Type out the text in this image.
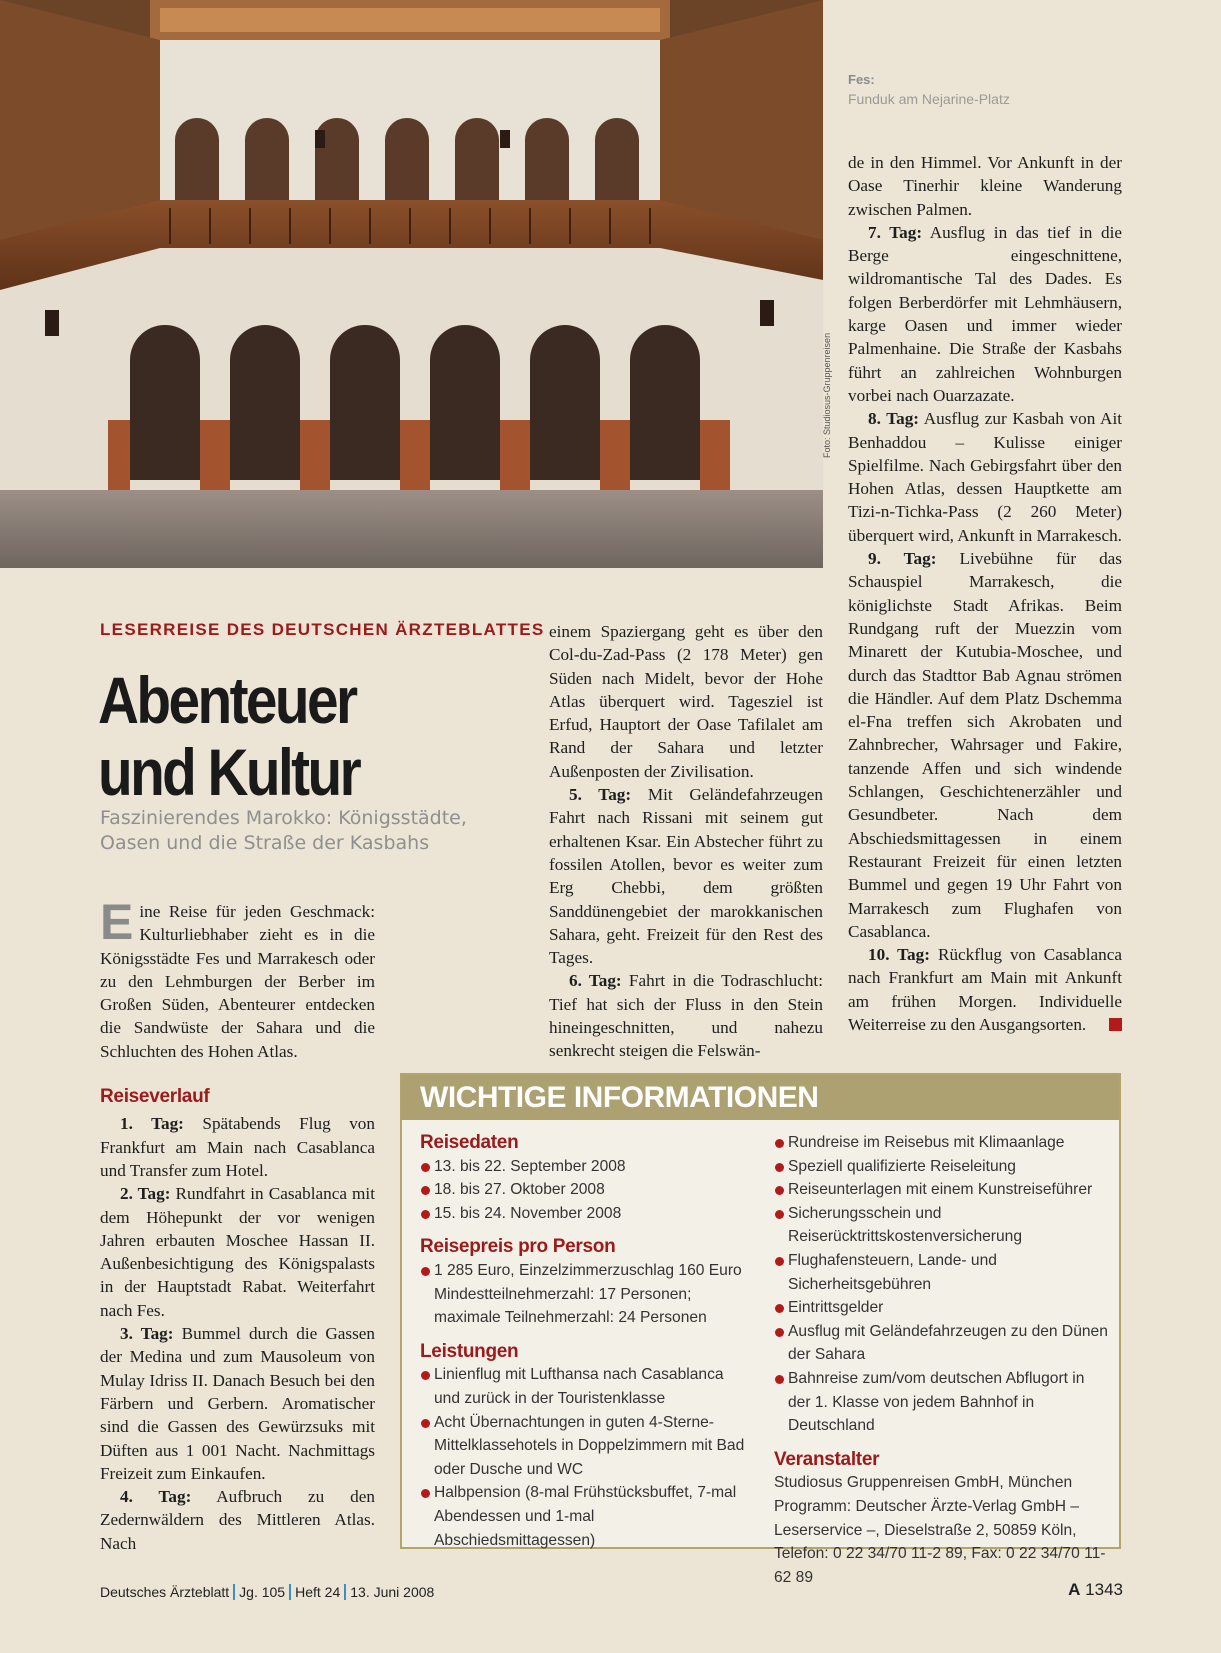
Foto: Studiosus-Gruppenreisen
Fes:
Funduk am Nejarine-Platz
LESERREISE DES DEUTSCHEN ÄRZTEBLATTES
Abenteuer
und Kultur
Faszinierendes Marokko: Königsstädte, Oasen und die Straße der Kasbahs

Eine Reise für jeden Geschmack: Kulturliebhaber zieht es in die Königsstädte Fes und Marrakesch oder zu den Lehmburgen der Berber im Großen Süden, Abenteurer entdecken die Sandwüste der Sahara und die Schluchten des Hohen Atlas.

Reiseverlauf

1. Tag: Spätabends Flug von Frankfurt am Main nach Casablanca und Transfer zum Hotel.

2. Tag: Rundfahrt in Casablanca mit dem Höhepunkt der vor wenigen Jahren erbauten Moschee Hassan II. Außenbesichtigung des Königspalasts in der Hauptstadt Rabat. Weiterfahrt nach Fes.

3. Tag: Bummel durch die Gassen der Medina und zum Mausoleum von Mulay Idriss II. Danach Besuch bei den Färbern und Gerbern. Aromatischer sind die Gassen des Gewürzsuks mit Düften aus 1 001 Nacht. Nachmittags Freizeit zum Einkaufen.

4. Tag: Aufbruch zu den Zedernwäldern des Mittleren Atlas. Nach

einem Spaziergang geht es über den Col-du-Zad-Pass (2 178 Meter) gen Süden nach Midelt, bevor der Hohe Atlas überquert wird. Tagesziel ist Erfud, Hauptort der Oase Tafilalet am Rand der Sahara und letzter Außenposten der Zivilisation.

5. Tag: Mit Geländefahrzeugen Fahrt nach Rissani mit seinem gut erhaltenen Ksar. Ein Abstecher führt zu fossilen Atollen, bevor es weiter zum Erg Chebbi, dem größten Sanddünengebiet der marokkanischen Sahara, geht. Freizeit für den Rest des Tages.

6. Tag: Fahrt in die Todraschlucht: Tief hat sich der Fluss in den Stein hineingeschnitten, und nahezu senkrecht steigen die Felswän-

de in den Himmel. Vor Ankunft in der Oase Tinerhir kleine Wanderung zwischen Palmen.

7. Tag: Ausflug in das tief in die Berge eingeschnittene, wildromantische Tal des Dades. Es folgen Berberdörfer mit Lehmhäusern, karge Oasen und immer wieder Palmenhaine. Die Straße der Kasbahs führt an zahlreichen Wohnburgen vorbei nach Ouarzazate.

8. Tag: Ausflug zur Kasbah von Ait Benhaddou – Kulisse einiger Spielfilme. Nach Gebirgsfahrt über den Hohen Atlas, dessen Hauptkette am Tizi-n-Tichka-Pass (2 260 Meter) überquert wird, Ankunft in Marrakesch.

9. Tag: Livebühne für das Schauspiel Marrakesch, die königlichste Stadt Afrikas. Beim Rundgang ruft der Muezzin vom Minarett der Kutubia-Moschee, und durch das Stadttor Bab Agnau strömen die Händler. Auf dem Platz Dschemma el-Fna treffen sich Akrobaten und Zahnbrecher, Wahrsager und Fakire, tanzende Affen und sich windende Schlangen, Geschichtenerzähler und Gesundbeter. Nach dem Abschiedsmittagessen in einem Restaurant Freizeit für einen letzten Bummel und gegen 19 Uhr Fahrt von Marrakesch zum Flughafen von Casablanca.

10. Tag: Rückflug von Casablanca nach Frankfurt am Main mit Ankunft am frühen Morgen. Individuelle Weiterreise zu den Ausgangsorten.

WICHTIGE INFORMATIONEN
Reisedaten
13. bis 22. September 2008
18. bis 27. Oktober 2008
15. bis 24. November 2008
Reisepreis pro Person
1 285 Euro, Einzelzimmerzuschlag 160 Euro Mindestteilnehmerzahl: 17 Personen; maximale Teilnehmerzahl: 24 Personen
Leistungen
Linienflug mit Lufthansa nach Casablanca und zurück in der Touristenklasse
Acht Übernachtungen in guten 4-Sterne-Mittelklassehotels in Doppelzimmern mit Bad oder Dusche und WC
Halbpension (8-mal Frühstücksbuffet, 7-mal Abendessen und 1-mal Abschiedsmittagessen)
Rundreise im Reisebus mit Klimaanlage
Speziell qualifizierte Reiseleitung
Reiseunterlagen mit einem Kunstreiseführer
Sicherungsschein und Reiserücktrittskostenversicherung
Flughafensteuern, Lande- und Sicherheitsgebühren
Eintrittsgelder
Ausflug mit Geländefahrzeugen zu den Dünen der Sahara
Bahnreise zum/vom deutschen Abflugort in der 1. Klasse von jedem Bahnhof in Deutschland
Veranstalter

Studiosus Gruppenreisen GmbH, München Programm: Deutscher Ärzte-Verlag GmbH – Leserservice –, Dieselstraße 2, 50859 Köln, Telefon: 0 22 34/70 11-2 89, Fax: 0 22 34/70 11-62 89

Deutsches Ärzteblatt Jg. 105 Heft 24 13. Juni 2008	A 1343
